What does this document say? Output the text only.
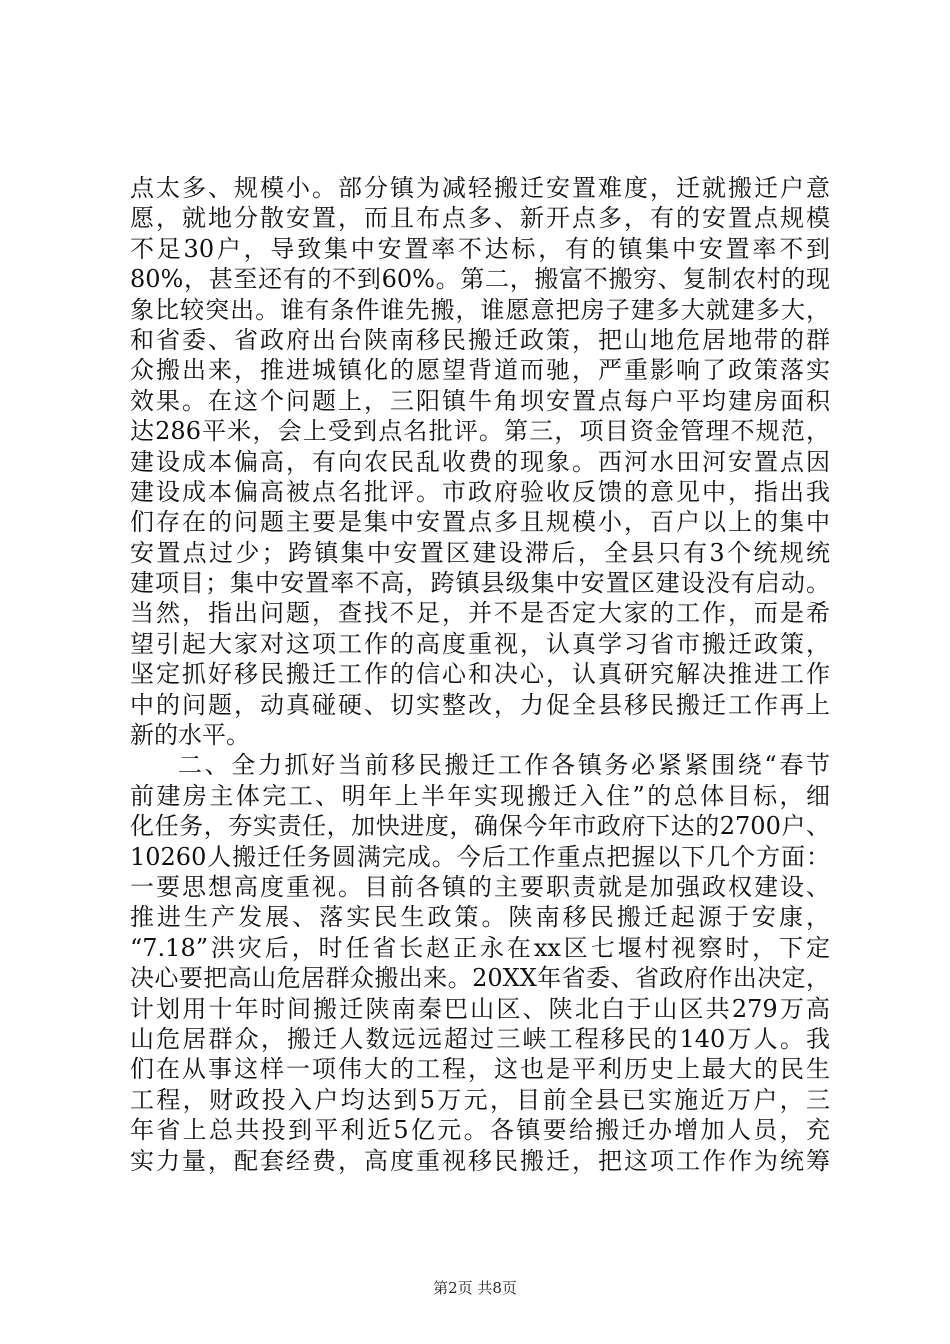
点太多、规模小。部分镇为减轻搬迁安置难度，迁就搬迁户意
愿，就地分散安置，而且布点多、新开点多，有的安置点规模
不足30户，导致集中安置率不达标，有的镇集中安置率不到
80%，甚至还有的不到60%。第二，搬富不搬穷、复制农村的现
象比较突出。谁有条件谁先搬，谁愿意把房子建多大就建多大，
和省委、省政府出台陕南移民搬迁政策，把山地危居地带的群
众搬出来，推进城镇化的愿望背道而驰，严重影响了政策落实
效果。在这个问题上，三阳镇牛角坝安置点每户平均建房面积
达286平米，会上受到点名批评。第三，项目资金管理不规范，
建设成本偏高，有向农民乱收费的现象。西河水田河安置点因
建设成本偏高被点名批评。市政府验收反馈的意见中，指出我
们存在的问题主要是集中安置点多且规模小，百户以上的集中
安置点过少；跨镇集中安置区建设滞后，全县只有3个统规统
建项目；集中安置率不高，跨镇县级集中安置区建设没有启动。
当然，指出问题，查找不足，并不是否定大家的工作，而是希
望引起大家对这项工作的高度重视，认真学习省市搬迁政策，
坚定抓好移民搬迁工作的信心和决心，认真研究解决推进工作
中的问题，动真碰硬、切实整改，力促全县移民搬迁工作再上
新的水平。
二、全力抓好当前移民搬迁工作各镇务必紧紧围绕“春节
前建房主体完工、明年上半年实现搬迁入住”的总体目标，细
化任务，夯实责任，加快进度，确保今年市政府下达的2700户、
10260人搬迁任务圆满完成。今后工作重点把握以下几个方面：
一要思想高度重视。目前各镇的主要职责就是加强政权建设、
推进生产发展、落实民生政策。陕南移民搬迁起源于安康，
“7.18”洪灾后，时任省长赵正永在xx区七堰村视察时，下定
决心要把高山危居群众搬出来。20XX年省委、省政府作出决定，
计划用十年时间搬迁陕南秦巴山区、陕北白于山区共279万高
山危居群众，搬迁人数远远超过三峡工程移民的140万人。我
们在从事这样一项伟大的工程，这也是平利历史上最大的民生
工程，财政投入户均达到5万元，目前全县已实施近万户，三
年省上总共投到平利近5亿元。各镇要给搬迁办增加人员，充
实力量，配套经费，高度重视移民搬迁，把这项工作作为统筹
第2页 共8页
